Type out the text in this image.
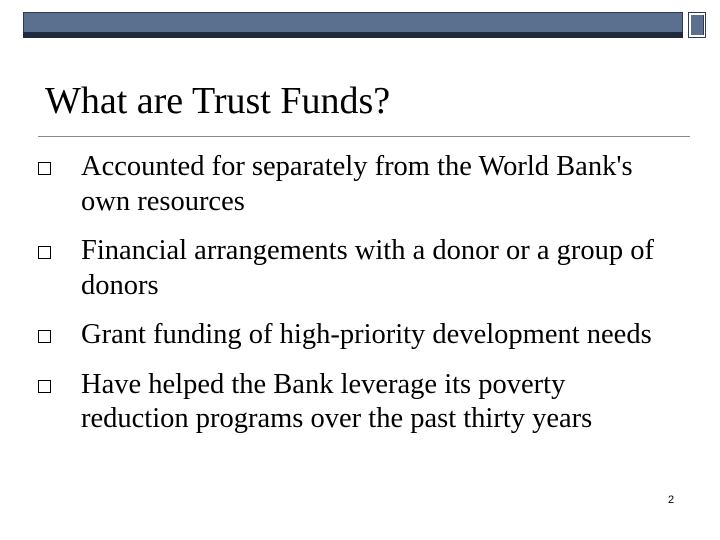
What are Trust Funds?
Accounted for separately from the World Bank's own resources
Financial arrangements with a donor or a group of donors
Grant funding of high-priority development needs
Have helped the Bank leverage its poverty reduction programs over the past thirty years
2
